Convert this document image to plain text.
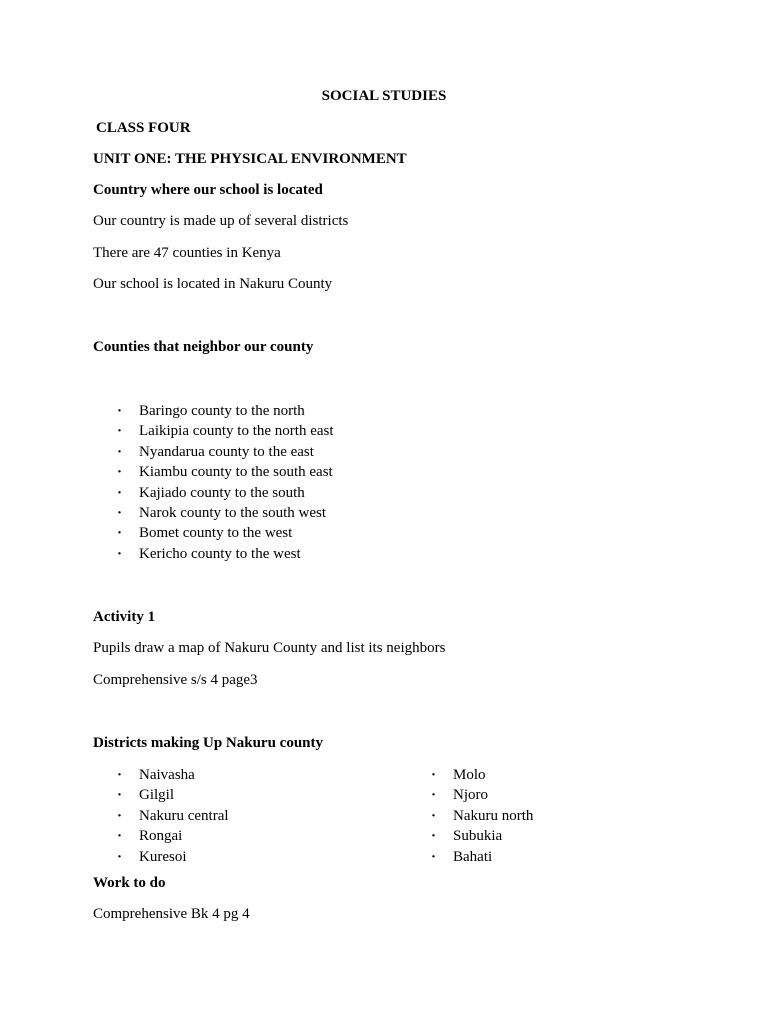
SOCIAL STUDIES
CLASS FOUR
UNIT ONE: THE PHYSICAL ENVIRONMENT
Country where our school is located
Our country is made up of several districts
There are 47 counties in Kenya
Our school is located in Nakuru County
Counties that neighbor our county
· Baringo county to the north
· Laikipia county to the north east
· Nyandarua county to the east
· Kiambu county to the south east
· Kajiado county to the south
· Narok county to the south west
· Bomet county to the west
· Kericho county to the west
Activity 1
Pupils draw a map of Nakuru County and list its neighbors
Comprehensive s/s 4 page3
Districts making Up Nakuru county
· Naivasha
· Gilgil
· Nakuru central
· Rongai
· Kuresoi
· Molo
· Njoro
· Nakuru north
· Subukia
· Bahati
Work to do
Comprehensive Bk 4 pg 4
